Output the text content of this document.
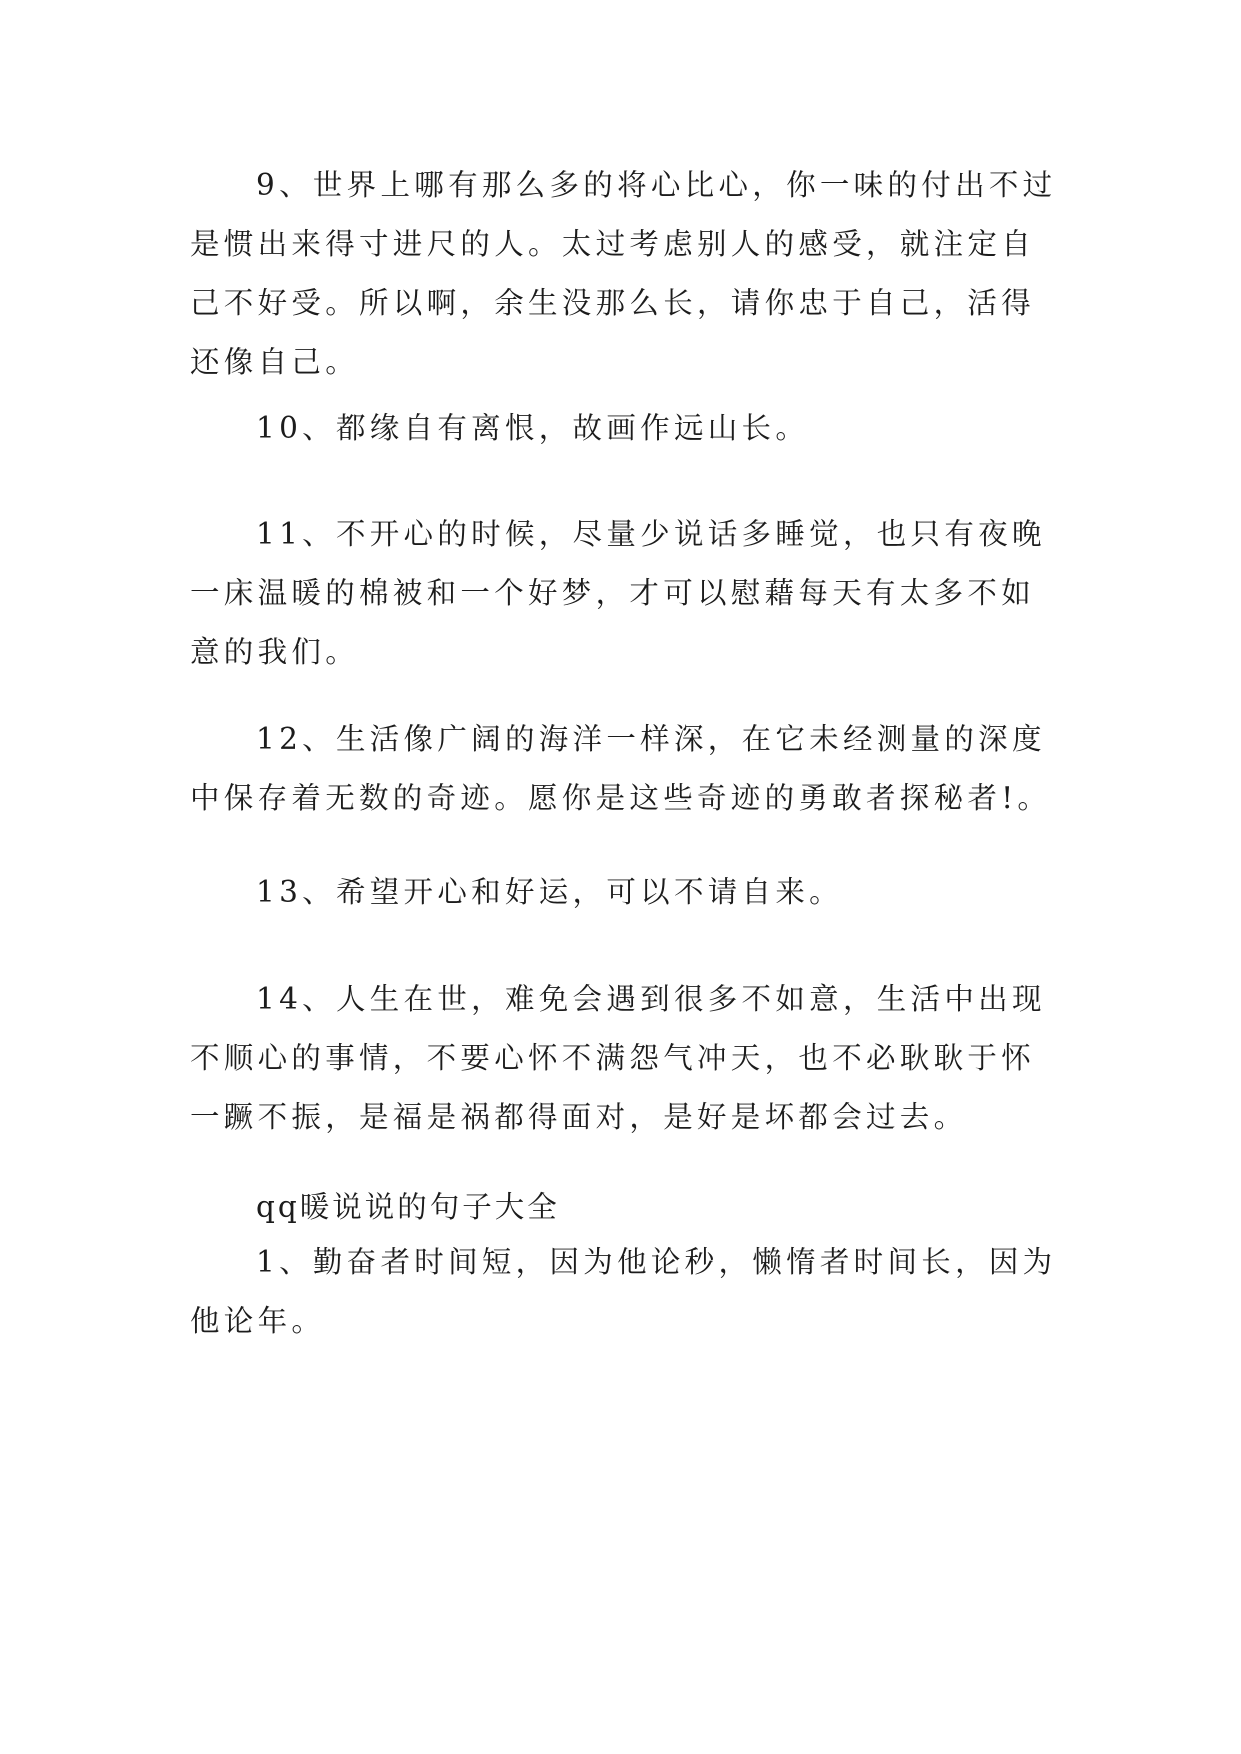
9、世界上哪有那么多的将心比心，你一味的付出不过是惯出来得寸进尺的人。太过考虑别人的感受，就注定自己不好受。所以啊，余生没那么长，请你忠于自己，活得还像自己。

10、都缘自有离恨，故画作远山长。

11、不开心的时候，尽量少说话多睡觉，也只有夜晚一床温暖的棉被和一个好梦，才可以慰藉每天有太多不如意的我们。

12、生活像广阔的海洋一样深，在它未经测量的深度中保存着无数的奇迹。愿你是这些奇迹的勇敢者探秘者!。

13、希望开心和好运，可以不请自来。

14、人生在世，难免会遇到很多不如意，生活中出现不顺心的事情，不要心怀不满怨气冲天，也不必耿耿于怀一蹶不振，是福是祸都得面对，是好是坏都会过去。

qq暖说说的句子大全

1、勤奋者时间短，因为他论秒，懒惰者时间长，因为他论年。
